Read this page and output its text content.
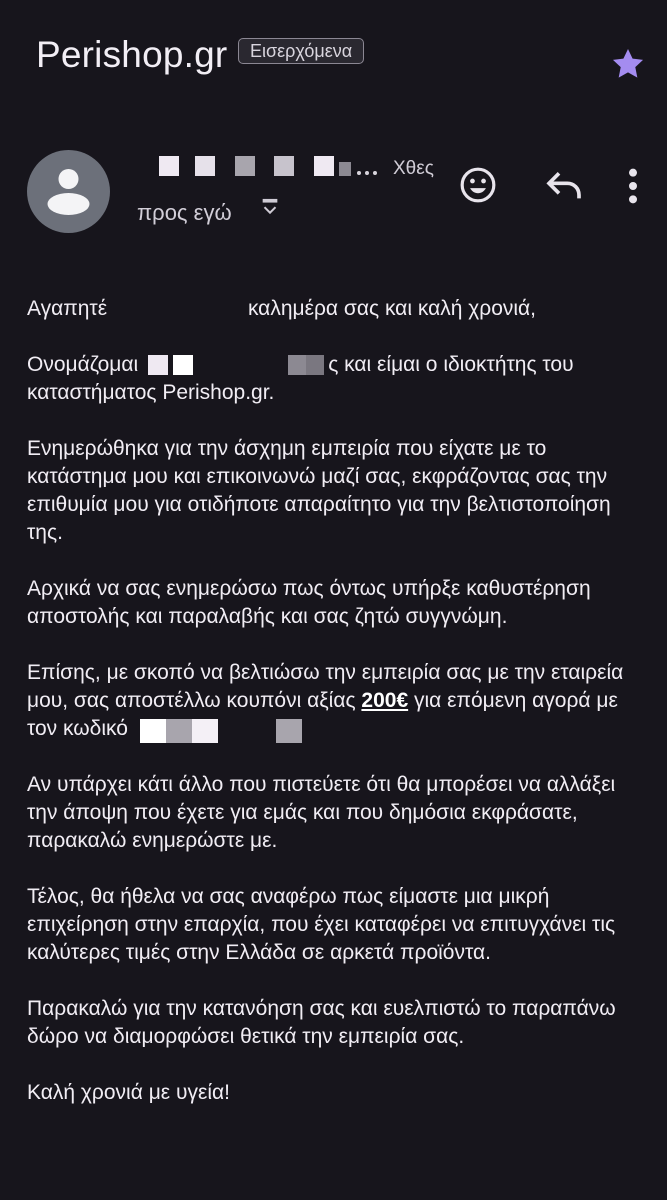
Perishop.gr	Εισερχόμενα
Χθες
προς εγώ

Αγαπητέ	καλημέρα σας και καλή χρονιά,

Ονομάζομαι	ς και είμαι ο ιδιοκτήτης του
καταστήματος Perishop.gr.

Ενημερώθηκα για την άσχημη εμπειρία που είχατε με το κατάστημα μου και επικοινωνώ μαζί σας, εκφράζοντας σας την επιθυμία μου για οτιδήποτε απαραίτητο για την βελτιστοποίηση της.

Αρχικά να σας ενημερώσω πως όντως υπήρξε καθυστέρηση αποστολής και παραλαβής και σας ζητώ συγγνώμη.

Επίσης, με σκοπό να βελτιώσω την εμπειρία σας με την εταιρεία μου, σας αποστέλλω κουπόνι αξίας 200€ για επόμενη αγορά με τον κωδικό

Αν υπάρχει κάτι άλλο που πιστεύετε ότι θα μπορέσει να αλλάξει την άποψη που έχετε για εμάς και που δημόσια εκφράσατε, παρακαλώ ενημερώστε με.

Τέλος, θα ήθελα να σας αναφέρω πως είμαστε μια μικρή επιχείρηση στην επαρχία, που έχει καταφέρει να επιτυγχάνει τις καλύτερες τιμές στην Ελλάδα σε αρκετά προϊόντα.

Παρακαλώ για την κατανόηση σας και ευελπιστώ το παραπάνω δώρο να διαμορφώσει θετικά την εμπειρία σας.

Καλή χρονιά με υγεία!
